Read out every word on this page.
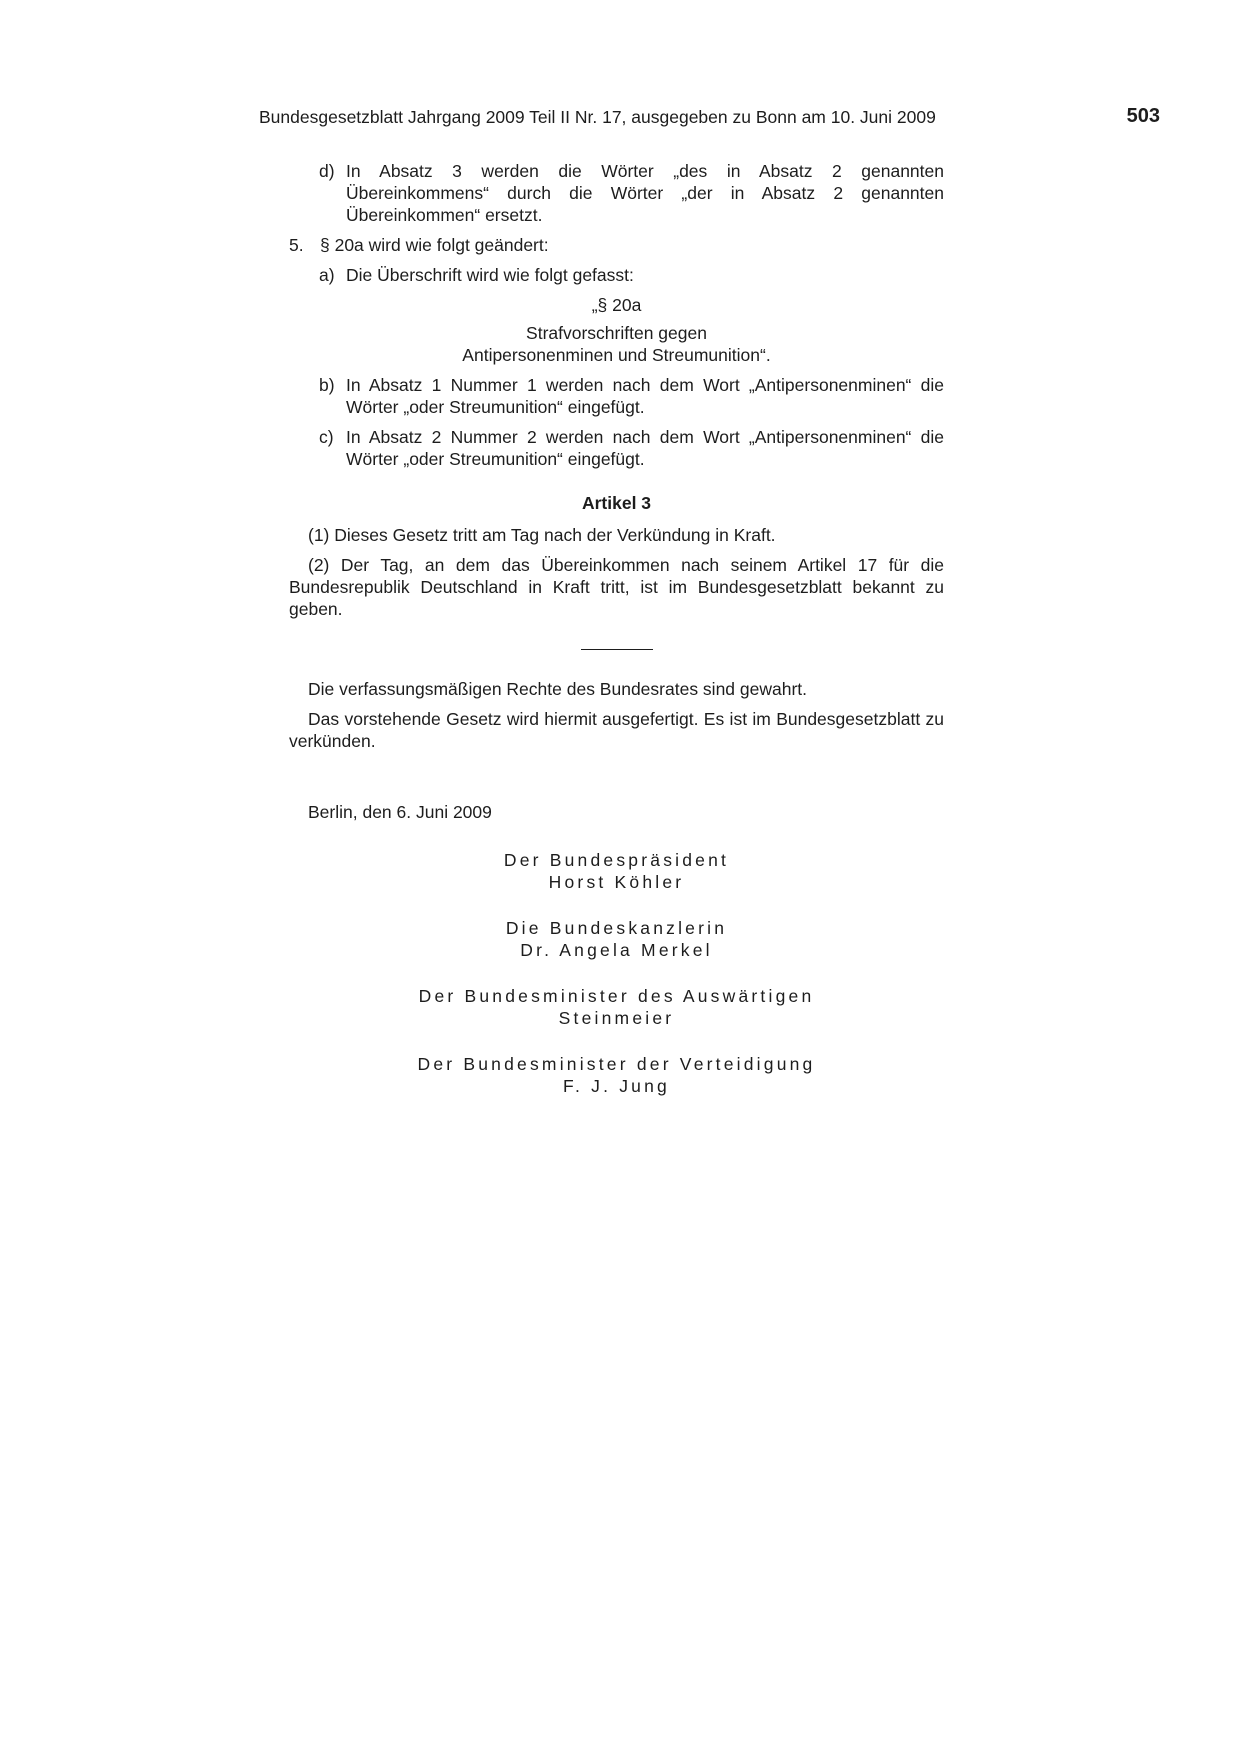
Bundesgesetzblatt Jahrgang 2009 Teil II Nr. 17, ausgegeben zu Bonn am 10. Juni 2009	503
d) In Absatz 3 werden die Wörter „des in Absatz 2 genannten Übereinkommens“ durch die Wörter „der in Absatz 2 genannten Übereinkommen“ ersetzt.
5. § 20a wird wie folgt geändert:
a) Die Überschrift wird wie folgt gefasst:
„§ 20a
Strafvorschriften gegen
Antipersonenminen und Streumunition“.
b) In Absatz 1 Nummer 1 werden nach dem Wort „Antipersonenminen“ die Wörter „oder Streumunition“ eingefügt.
c) In Absatz 2 Nummer 2 werden nach dem Wort „Antipersonenminen“ die Wörter „oder Streumunition“ eingefügt.
Artikel 3
(1) Dieses Gesetz tritt am Tag nach der Verkündung in Kraft.
(2) Der Tag, an dem das Übereinkommen nach seinem Artikel 17 für die Bundesrepublik Deutschland in Kraft tritt, ist im Bundesgesetzblatt bekannt zu geben.
Die verfassungsmäßigen Rechte des Bundesrates sind gewahrt.
Das vorstehende Gesetz wird hiermit ausgefertigt. Es ist im Bundesgesetzblatt zu verkünden.
Berlin, den 6. Juni 2009
Der Bundespräsident
Horst Köhler
Die Bundeskanzlerin
Dr. Angela Merkel
Der Bundesminister des Auswärtigen
Steinmeier
Der Bundesminister der Verteidigung
F. J. Jung
